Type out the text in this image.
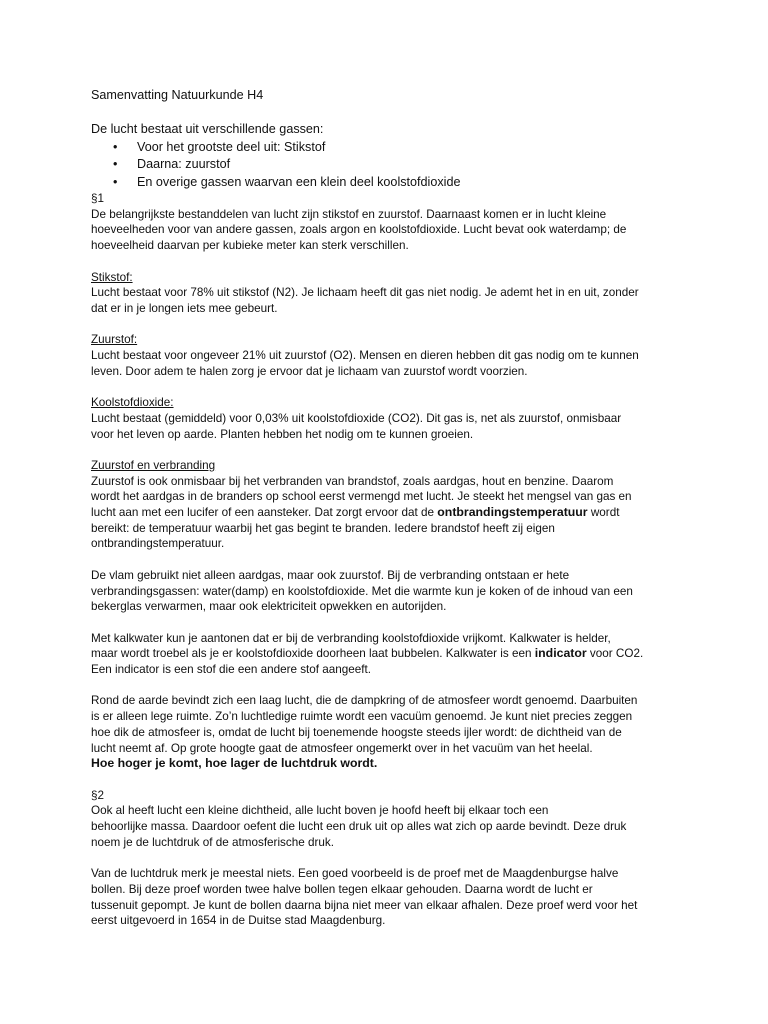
Samenvatting Natuurkunde H4

De lucht bestaat uit verschillende gassen:

• Voor het grootste deel uit: Stikstof
• Daarna: zuurstof
• En overige gassen waarvan een klein deel koolstofdioxide

§1

De belangrijkste bestanddelen van lucht zijn stikstof en zuurstof. Daarnaast komen er in lucht kleine

hoeveelheden voor van andere gassen, zoals argon en koolstofdioxide. Lucht bevat ook waterdamp; de

hoeveelheid daarvan per kubieke meter kan sterk verschillen.

Stikstof:

Lucht bestaat voor 78% uit stikstof (N2). Je lichaam heeft dit gas niet nodig. Je ademt het in en uit, zonder

dat er in je longen iets mee gebeurt.

Zuurstof:

Lucht bestaat voor ongeveer 21% uit zuurstof (O2). Mensen en dieren hebben dit gas nodig om te kunnen

leven. Door adem te halen zorg je ervoor dat je lichaam van zuurstof wordt voorzien.

Koolstofdioxide:

Lucht bestaat (gemiddeld) voor 0,03% uit koolstofdioxide (CO2). Dit gas is, net als zuurstof, onmisbaar

voor het leven op aarde. Planten hebben het nodig om te kunnen groeien.

Zuurstof en verbranding

Zuurstof is ook onmisbaar bij het verbranden van brandstof, zoals aardgas, hout en benzine. Daarom

wordt het aardgas in de branders op school eerst vermengd met lucht. Je steekt het mengsel van gas en

lucht aan met een lucifer of een aansteker. Dat zorgt ervoor dat de ontbrandingstemperatuur wordt

bereikt: de temperatuur waarbij het gas begint te branden. Iedere brandstof heeft zij eigen

ontbrandingstemperatuur.

De vlam gebruikt niet alleen aardgas, maar ook zuurstof. Bij de verbranding ontstaan er hete

verbrandingsgassen: water(damp) en koolstofdioxide. Met die warmte kun je koken of de inhoud van een

bekerglas verwarmen, maar ook elektriciteit opwekken en autorijden.

Met kalkwater kun je aantonen dat er bij de verbranding koolstofdioxide vrijkomt. Kalkwater is helder,

maar wordt troebel als je er koolstofdioxide doorheen laat bubbelen. Kalkwater is een indicator voor CO2.

Een indicator is een stof die een andere stof aangeeft.

Rond de aarde bevindt zich een laag lucht, die de dampkring of de atmosfeer wordt genoemd. Daarbuiten

is er alleen lege ruimte. Zo’n luchtledige ruimte wordt een vacuüm genoemd. Je kunt niet precies zeggen

hoe dik de atmosfeer is, omdat de lucht bij toenemende hoogste steeds ijler wordt: de dichtheid van de

lucht neemt af. Op grote hoogte gaat de atmosfeer ongemerkt over in het vacuüm van het heelal.

Hoe hoger je komt, hoe lager de luchtdruk wordt.

§2

Ook al heeft lucht een kleine dichtheid, alle lucht boven je hoofd heeft bij elkaar toch een

behoorlijke massa. Daardoor oefent die lucht een druk uit op alles wat zich op aarde bevindt. Deze druk

noem je de luchtdruk of de atmosferische druk.

Van de luchtdruk merk je meestal niets. Een goed voorbeeld is de proef met de Maagdenburgse halve

bollen. Bij deze proef worden twee halve bollen tegen elkaar gehouden. Daarna wordt de lucht er

tussenuit gepompt. Je kunt de bollen daarna bijna niet meer van elkaar afhalen. Deze proef werd voor het

eerst uitgevoerd in 1654 in de Duitse stad Maagdenburg.
